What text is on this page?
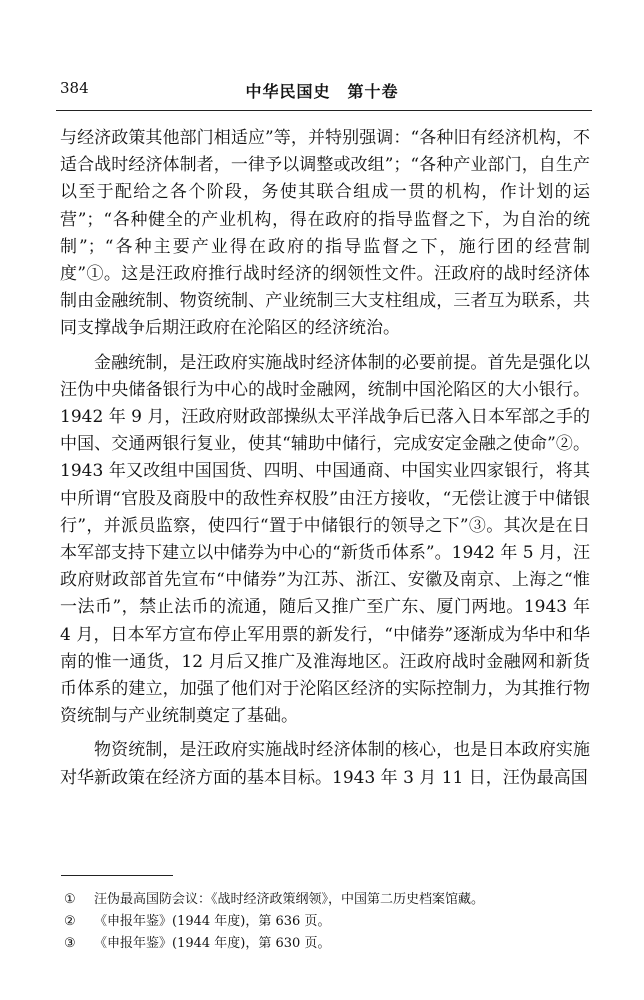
384	中华民国史　第十卷

与经济政策其他部门相适应”等，并特别强调：“各种旧有经济机构，不适合战时经济体制者，一律予以调整或改组”；“各种产业部门，自生产以至于配给之各个阶段，务使其联合组成一贯的机构，作计划的运营”；“各种健全的产业机构，得在政府的指导监督之下，为自治的统制”；“各种主要产业得在政府的指导监督之下，施行团的经营制度”①。这是汪政府推行战时经济的纲领性文件。汪政府的战时经济体制由金融统制、物资统制、产业统制三大支柱组成，三者互为联系，共同支撑战争后期汪政府在沦陷区的经济统治。

金融统制，是汪政府实施战时经济体制的必要前提。首先是强化以汪伪中央储备银行为中心的战时金融网，统制中国沦陷区的大小银行。1942 年 9 月，汪政府财政部操纵太平洋战争后已落入日本军部之手的中国、交通两银行复业，使其“辅助中储行，完成安定金融之使命”②。1943 年又改组中国国货、四明、中国通商、中国实业四家银行，将其中所谓“官股及商股中的敌性弃权股”由汪方接收，“无偿让渡于中储银行”，并派员监察，使四行“置于中储银行的领导之下”③。其次是在日本军部支持下建立以中储券为中心的“新货币体系”。1942 年 5 月，汪政府财政部首先宣布“中储券”为江苏、浙江、安徽及南京、上海之“惟一法币”，禁止法币的流通，随后又推广至广东、厦门两地。1943 年 4 月，日本军方宣布停止军用票的新发行，“中储券”逐渐成为华中和华南的惟一通货，12 月后又推广及淮海地区。汪政府战时金融网和新货币体系的建立，加强了他们对于沦陷区经济的实际控制力，为其推行物资统制与产业统制奠定了基础。

物资统制，是汪政府实施战时经济体制的核心，也是日本政府实施对华新政策在经济方面的基本目标。1943 年 3 月 11 日，汪伪最高国

①	汪伪最高国防会议：《战时经济政策纲领》，中国第二历史档案馆藏。
②	《申报年鉴》(1944 年度)，第 636 页。
③	《申报年鉴》(1944 年度)，第 630 页。
